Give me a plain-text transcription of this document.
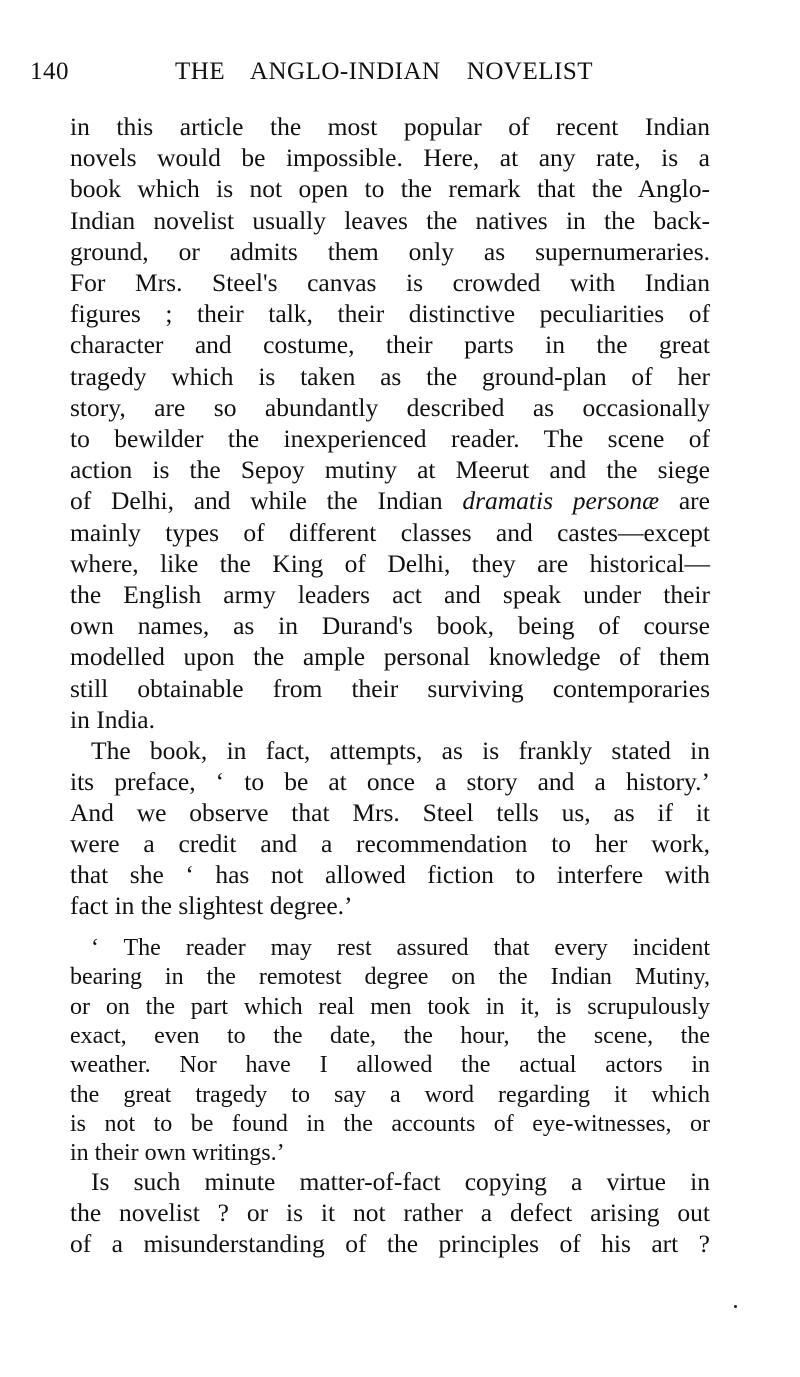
140	THE ANGLO-INDIAN NOVELIST
in this article the most popular of recent Indian
novels would be impossible. Here, at any rate, is a
book which is not open to the remark that the Anglo-
Indian novelist usually leaves the natives in the back-
ground, or admits them only as supernumeraries.
For Mrs. Steel's canvas is crowded with Indian
figures ; their talk, their distinctive peculiarities of
character and costume, their parts in the great
tragedy which is taken as the ground-plan of her
story, are so abundantly described as occasionally
to bewilder the inexperienced reader. The scene of
action is the Sepoy mutiny at Meerut and the siege
of Delhi, and while the Indian dramatis personæ are
mainly types of different classes and castes—except
where, like the King of Delhi, they are historical—
the English army leaders act and speak under their
own names, as in Durand's book, being of course
modelled upon the ample personal knowledge of them
still obtainable from their surviving contemporaries
in India.
The book, in fact, attempts, as is frankly stated in
its preface, ‘ to be at once a story and a history.’
And we observe that Mrs. Steel tells us, as if it
were a credit and a recommendation to her work,
that she ‘ has not allowed fiction to interfere with
fact in the slightest degree.’
‘ The reader may rest assured that every incident
bearing in the remotest degree on the Indian Mutiny,
or on the part which real men took in it, is scrupulously
exact, even to the date, the hour, the scene, the
weather. Nor have I allowed the actual actors in
the great tragedy to say a word regarding it which
is not to be found in the accounts of eye-witnesses, or
in their own writings.’
Is such minute matter-of-fact copying a virtue in
the novelist ? or is it not rather a defect arising out
of a misunderstanding of the principles of his art ?
